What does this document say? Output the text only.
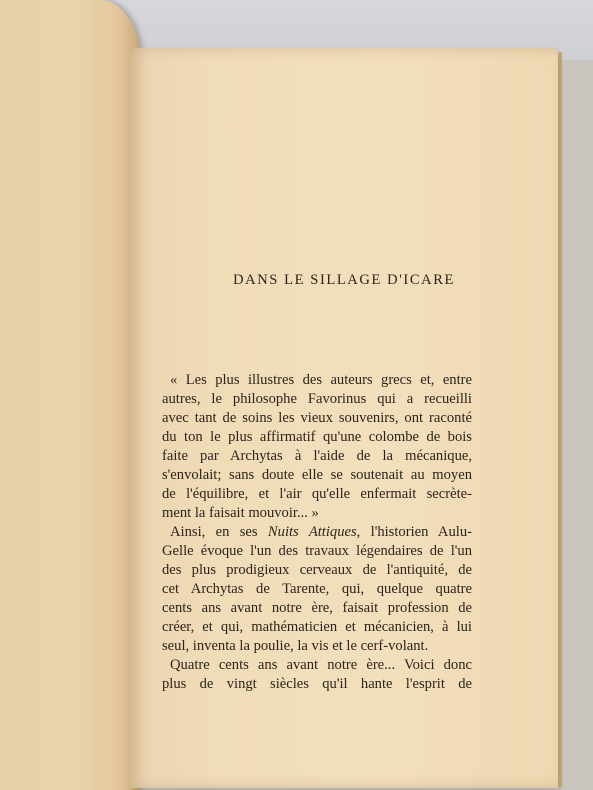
DANS LE SILLAGE D'ICARE
« Les plus illustres des auteurs grecs et, entre
autres, le philosophe Favorinus qui a recueilli
avec tant de soins les vieux souvenirs, ont raconté
du ton le plus affirmatif qu'une colombe de bois
faite par Archytas à l'aide de la mécanique,
s'envolait; sans doute elle se soutenait au moyen
de l'équilibre, et l'air qu'elle enfermait secrète-
ment la faisait mouvoir... »
Ainsi, en ses Nuits Attiques, l'historien Aulu-
Gelle évoque l'un des travaux légendaires de l'un
des plus prodigieux cerveaux de l'antiquité, de
cet Archytas de Tarente, qui, quelque quatre
cents ans avant notre ère, faisait profession de
créer, et qui, mathématicien et mécanicien, à lui
seul, inventa la poulie, la vis et le cerf-volant.
Quatre cents ans avant notre ère... Voici donc
plus de vingt siècles qu'il hante l'esprit de
